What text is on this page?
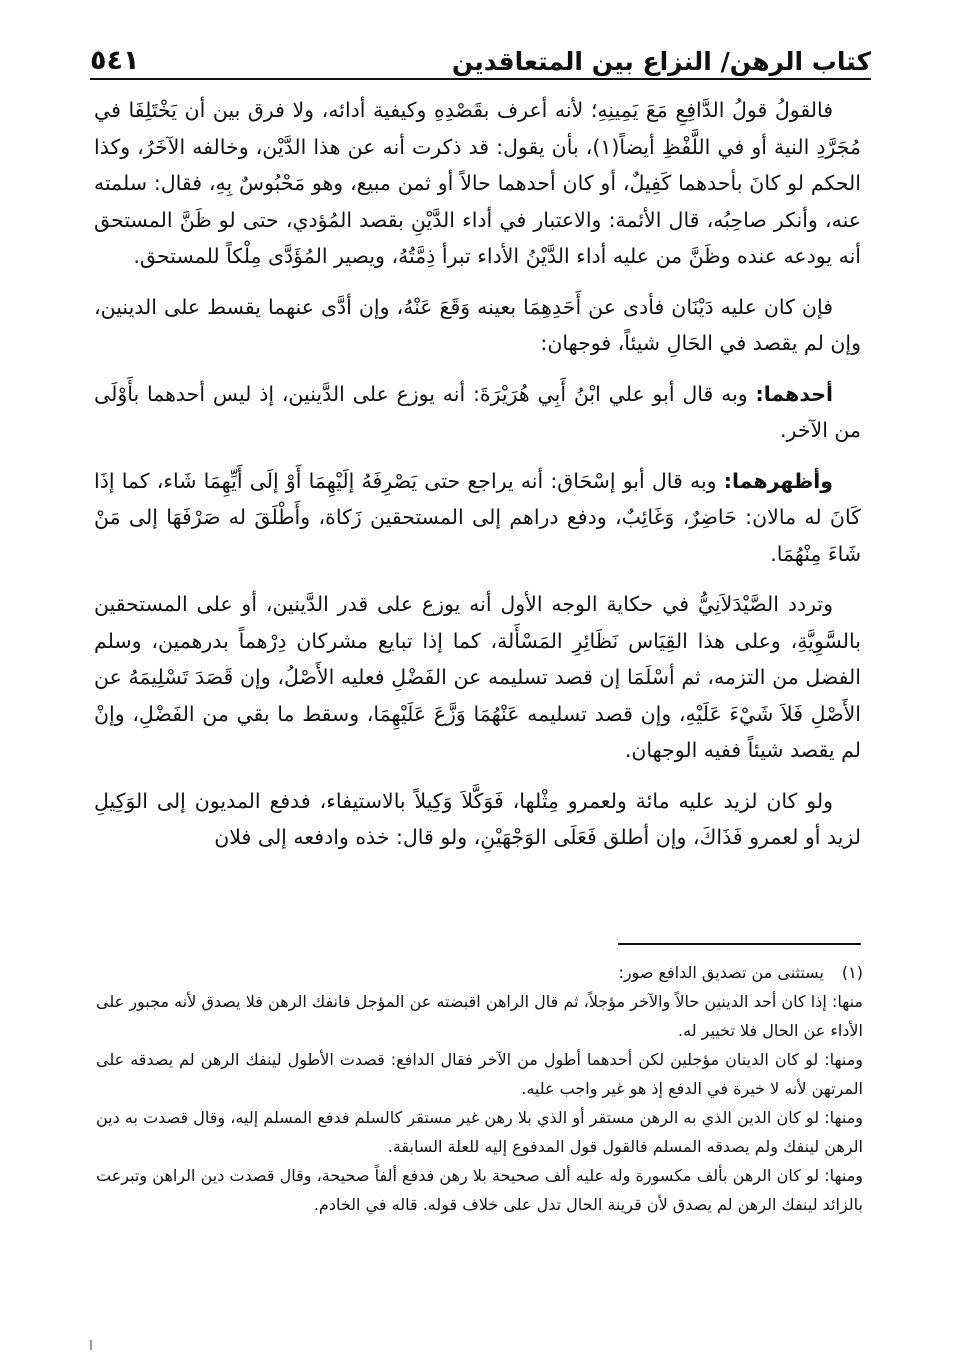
٥٤١	كتاب الرهن/ النزاع بين المتعاقدين

فالقولُ قولُ الدَّافِعِ مَعَ يَمِينِهِ؛ لأنه أعرف بقَصْدِهِ وكيفية أدائه، ولا فرق بين أن يَخْتَلِفَا في مُجَرَّدِ النية أو في اللَّفْظِ أيضاً(١)، بأن يقول: قد ذكرت أنه عن هذا الدَّيْن، وخالفه الآخَرُ، وكذا الحكم لو كانَ بأحدهما كَفِيلٌ، أو كان أحدهما حالاً أو ثمن مبيع، وهو مَحْبُوسٌ بِهِ، فقال: سلمته عنه، وأنكر صاحِبُه، قال الأئمة: والاعتبار في أداء الدَّيْنِ بقصد المُؤدي، حتى لو ظَنَّ المستحق أنه يودعه عنده وظَنَّ من عليه أداء الدَّيْنُ الأداء تبرأ ذِمَّتُهُ، ويصير المُؤَدَّى مِلْكاً للمستحق.

فإن كان عليه دَيْنَان فأدى عن أَحَدِهِمَا بعينه وَقَعَ عَنْهُ، وإن أدَّى عنهما يقسط على الدينين، وإن لم يقصد في الحَالِ شيئاً، فوجهان:

أحدهما: وبه قال أبو علي ابْنُ أَبِي هُرَيْرَةَ: أنه يوزع على الدَّينين، إذ ليس أحدهما بأَوْلَى من الآخر.

وأظهرهما: وبه قال أبو إسْحَاق: أنه يراجع حتى يَصْرِفَهُ إلَيْهِمَا أَوْ إلَى أَيِّهِمَا شَاء، كما إذَا كَانَ له مالان: حَاضِرٌ، وَغَائِبٌ، ودفع دراهم إلى المستحقين زَكاة، وأَطْلَقَ له صَرْفَهَا إلى مَنْ شَاءَ مِنْهُمَا.

وتردد الصَّيْدَلاَنِيُّ في حكاية الوجه الأول أنه يوزع على قدر الدَّينين، أو على المستحقين بالسَّوِيَّةِ، وعلى هذا القِيَاس نَظَائِرِ المَسْأَلة، كما إذا تبايع مشركان دِرْهماً بدرهمين، وسلم الفضل من التزمه، ثم أسْلَمَا إن قصد تسليمه عن الفَضْلِ فعليه الأَصْلُ، وإن قَصَدَ تَسْلِيمَهُ عن الأَصْلِ فَلاَ شَيْءَ عَلَيْهِ، وإن قصد تسليمه عَنْهُمَا وَزَّعَ عَلَيْهِمَا، وسقط ما بقي من الفَضْلِ، وإنْ لم يقصد شيئاً ففيه الوجهان.

ولو كان لزيد عليه مائة ولعمرو مِثْلها، فَوَكَّلاَ وَكِيلاً بالاستيفاء، فدفع المديون إلى الوَكِيلِ لزيد أو لعمرو فَذَاكَ، وإن أطلق فَعَلَى الوَجْهَيْنِ، ولو قال: خذه وادفعه إلى فلان

(١)
يستثنى من تصديق الدافع صور:

منها: إذا كان أحد الدينين حالاً والآخر مؤجلاً، ثم قال الراهن اقبضته عن المؤجل فانفك الرهن فلا يصدق لأنه مجبور على الأداء عن الحال فلا تخيير له.

ومنها: لو كان الدينان مؤجلين لكن أحدهما أطول من الآخر فقال الدافع: قصدت الأطول لينفك الرهن لم يصدقه على المرتهن لأنه لا خيرة في الدفع إذ هو غير واجب عليه.

ومنها: لو كان الدين الذي به الرهن مستقر أو الذي بلا رهن غير مستقر كالسلم فدفع المسلم إليه، وقال قصدت به دين الرهن لينفك ولم يصدقه المسلم فالقول قول المدفوع إليه للعلة السابقة.

ومنها: لو كان الرهن بألف مكسورة وله عليه ألف صحيحة بلا رهن فدفع ألفاً صحيحة، وقال قصدت دين الراهن وتبرعت بالزائد لينفك الرهن لم يصدق لأن قرينة الحال تدل على خلاف قوله. قاله في الخادم.
